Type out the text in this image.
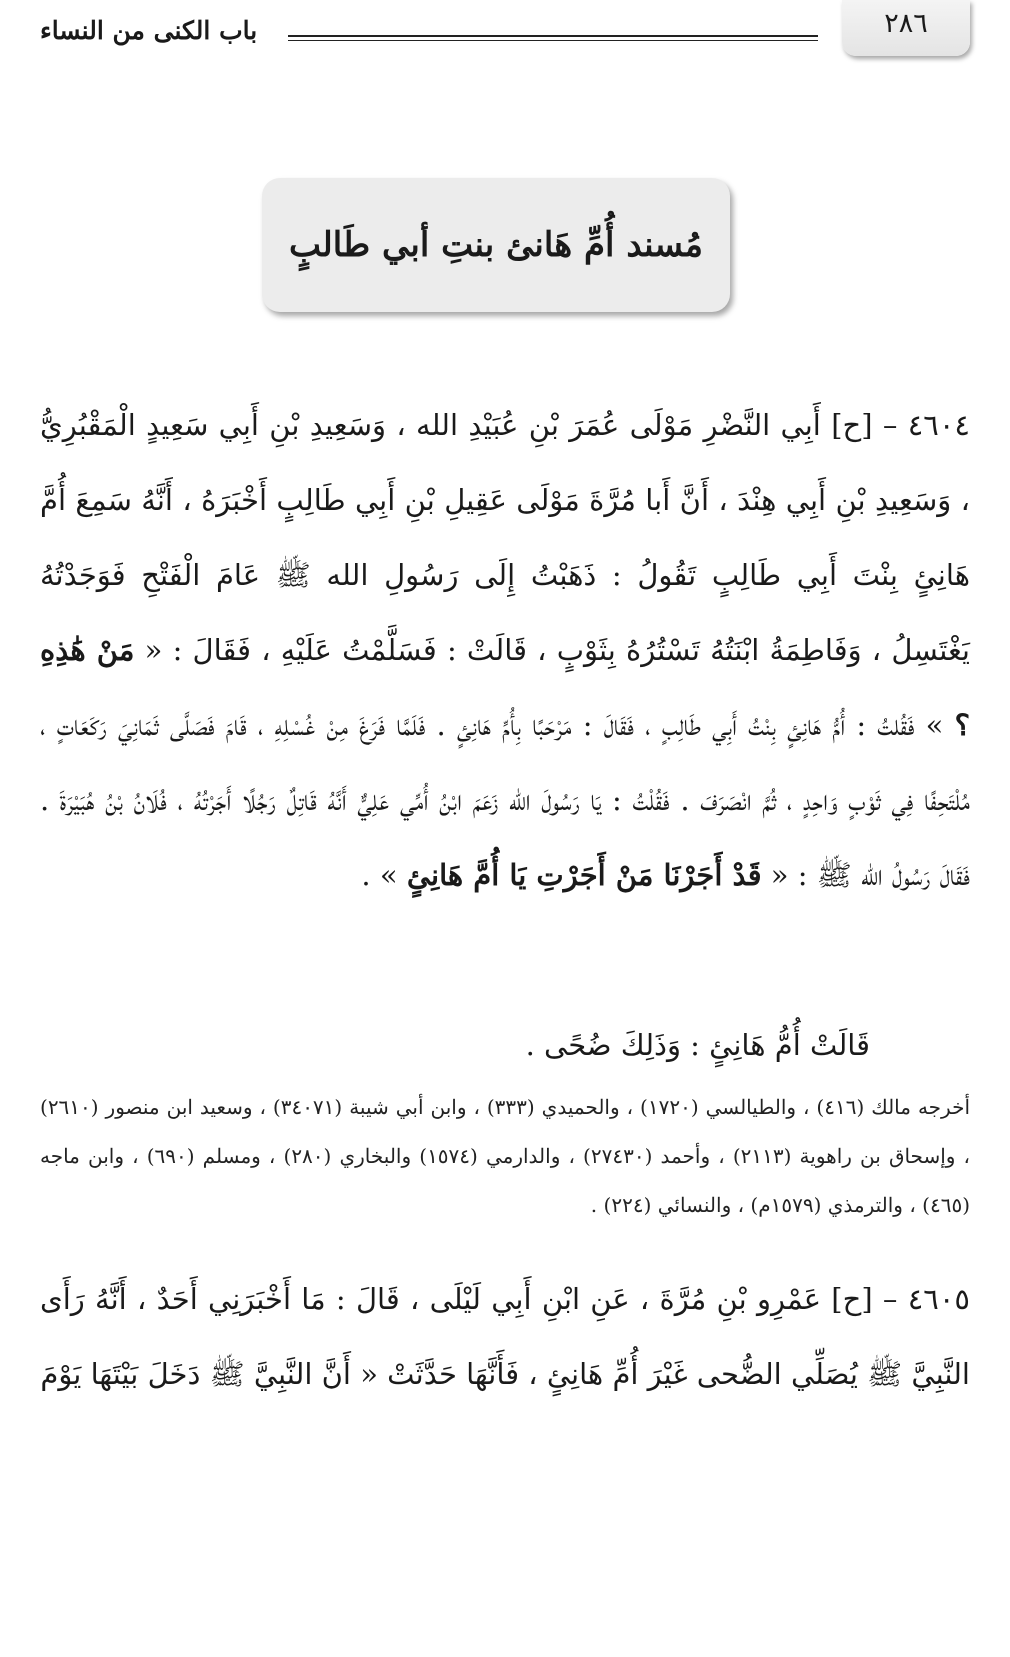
٢٨٦
باب الكنى من النساء
مُسند أُمِّ هَانئ بنتِ أبي طَالبٍ
٤٦٠٤ – [ح] أَبِي النَّضْرِ مَوْلَى عُمَرَ بْنِ عُبَيْدِ الله ، وَسَعِيدِ بْنِ أَبِي سَعِيدٍ الْمَقْبُرِيُّ ، وَسَعِيدِ بْنِ أَبِي هِنْدَ ، أَنَّ أَبا مُرَّةَ مَوْلَى عَقِيلِ بْنِ أَبِي طَالِبٍ أَخْبَرَهُ ، أَنَّهُ سَمِعَ أُمَّ هَانِئٍ بِنْتَ أَبِي طَالِبٍ تَقُولُ : ذَهَبْتُ إِلَى رَسُولِ الله ﷺ عَامَ الْفَتْحِ فَوَجَدْتُهُ يَغْتَسِلُ ، وَفَاطِمَةُ ابْنَتُهُ تَسْتُرُهُ بِثَوْبٍ ، قَالَتْ : فَسَلَّمْتُ عَلَيْهِ ، فَقَالَ : « مَنْ هَٰذِهِ ؟ » فَقُلتُ : أُمُّ هَانِئٍ بِنْتُ أَبِي طَالِبٍ ، فَقَالَ : مَرْحَبًا بِأُمِّ هَانِئٍ . فَلَمَّا فَرَغَ مِنْ غُسْلِهِ ، قَامَ فَصَلَّى ثَمَانِيَ رَكَعَاتٍ ، مُلْتَحِفًا فِي ثَوْبٍ وَاحِدٍ ، ثُمَّ انْصَرَفَ . فَقُلْتُ : يَا رَسُولَ الله زَعَمَ ابْنُ أُمِّي عَلِيٌّ أَنَّهُ قَاتِلٌ رَجُلًا أَجَرْتُهُ ، فُلَانُ بْنُ هُبَيْرَةَ . فَقَالَ رَسُولُ الله ﷺ : « قَدْ أَجَرْنَا مَنْ أَجَرْتِ يَا أُمَّ هَانِئٍ » .
قَالَتْ أُمُّ هَانِئٍ : وَذَلِكَ ضُحًى .
أخرجه مالك (٤١٦) ، والطيالسي (١٧٢٠) ، والحميدي (٣٣٣) ، وابن أبي شيبة (٣٤٠٧١) ، وسعيد ابن منصور (٢٦١٠) ، وإسحاق بن راهوية (٢١١٣) ، وأحمد (٢٧٤٣٠) ، والدارمي (١٥٧٤) والبخاري (٢٨٠) ، ومسلم (٦٩٠) ، وابن ماجه (٤٦٥) ، والترمذي (١٥٧٩م) ، والنسائي (٢٢٤) .
٤٦٠٥ – [ح] عَمْرِو بْنِ مُرَّةَ ، عَنِ ابْنِ أَبِي لَيْلَى ، قَالَ : مَا أَخْبَرَنِي أَحَدٌ ، أَنَّهُ رَأَى النَّبِيَّ ﷺ يُصَلِّي الضُّحى غَيْرَ أُمِّ هَانِئٍ ، فَأَنَّهَا حَدَّثَتْ « أَنَّ النَّبِيَّ ﷺ دَخَلَ بَيْتَهَا يَوْمَ
